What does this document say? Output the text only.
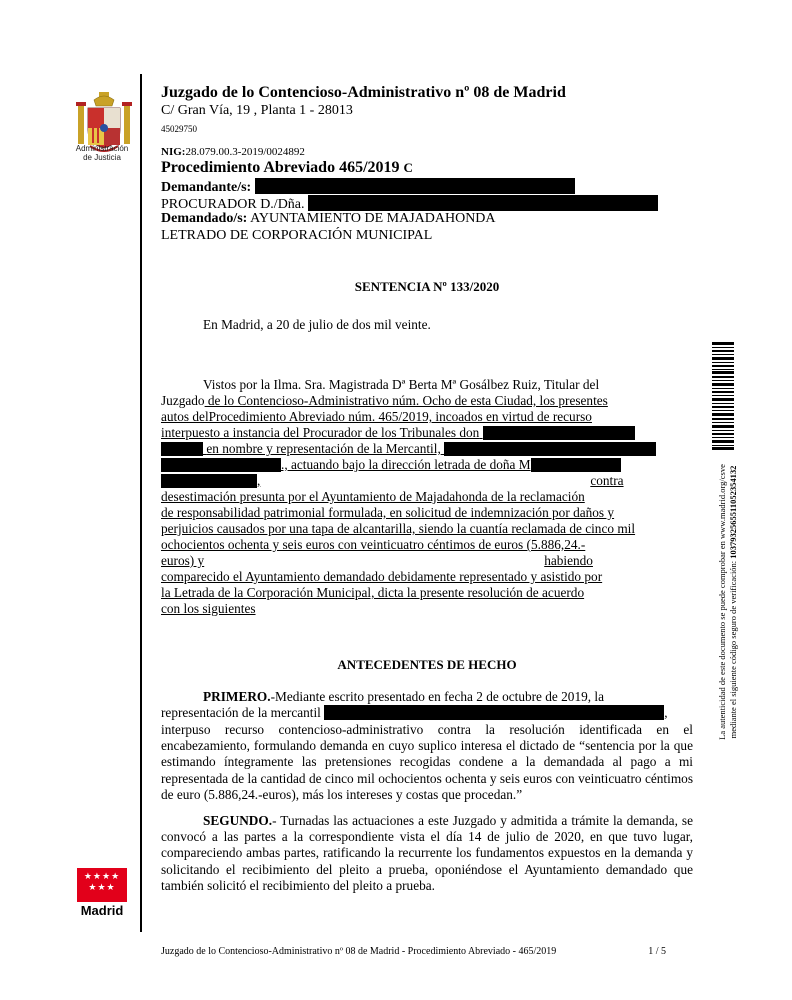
Administración
de Justicia
★★★★
★★★
Madrid
Juzgado de lo Contencioso-Administrativo nº 08 de Madrid
C/ Gran Vía, 19 , Planta 1 - 28013
45029750
NIG:28.079.00.3-2019/0024892
Procedimiento Abreviado 465/2019 C
Demandante/s:
PROCURADOR D./Dña.
Demandado/s: AYUNTAMIENTO DE MAJADAHONDA
LETRADO DE CORPORACIÓN MUNICIPAL
SENTENCIA Nº 133/2020
En Madrid, a 20 de julio de dos mil veinte.
Vistos por la Ilma. Sra. Magistrada Dª Berta Mª Gosálbez Ruiz, Titular del
Juzgado de lo Contencioso-Administrativo núm. Ocho de esta Ciudad, los presentes
autos delProcedimiento Abreviado núm. 465/2019, incoados en virtud de recurso
interpuesto a instancia del Procurador de los Tribunales don
en nombre y representación de la Mercantil,
., actuando bajo la dirección letrada de doña M
,	contra
desestimación presunta por el Ayuntamiento de Majadahonda de la reclamación
de responsabilidad patrimonial formulada, en solicitud de indemnización por daños y
perjuicios causados por una tapa de alcantarilla, siendo la cuantía reclamada de cinco mil
ochocientos ochenta y seis euros con veinticuatro céntimos de euros (5.886,24.-
euros) y	habiendo
comparecido el Ayuntamiento demandado debidamente representado y asistido por
la Letrada de la Corporación Municipal, dicta la presente resolución de acuerdo
con los siguientes
ANTECEDENTES DE HECHO
PRIMERO.-Mediante escrito presentado en fecha 2 de octubre de 2019, la
representación de la mercantil	,
interpuso recurso contencioso-administrativo contra la resolución identificada en el encabezamiento, formulando demanda en cuyo suplico interesa el dictado de “sentencia por la que estimando íntegramente las pretensiones recogidas condene a la demandada al pago a mi representada de la cantidad de cinco mil ochocientos ochenta y seis euros con veinticuatro céntimos de euro (5.886,24.-euros), más los intereses y costas que procedan.”
SEGUNDO.- Turnadas las actuaciones a este Juzgado y admitida a trámite la demanda, se convocó a las partes a la correspondiente vista el día 14 de julio de 2020, en que tuvo lugar, compareciendo ambas partes, ratificando la recurrente los fundamentos expuestos en la demanda y solicitando el recibimiento del pleito a prueba, oponiéndose el Ayuntamiento demandado que también solicitó el recibimiento del pleito a prueba.
La autenticidad de este documento se puede comprobar en www.madrid.org/csve
mediante el siguiente código seguro de verificación: 1037932565511052354132
Juzgado de lo Contencioso-Administrativo nº 08 de Madrid - Procedimiento Abreviado - 465/2019	1 / 5
